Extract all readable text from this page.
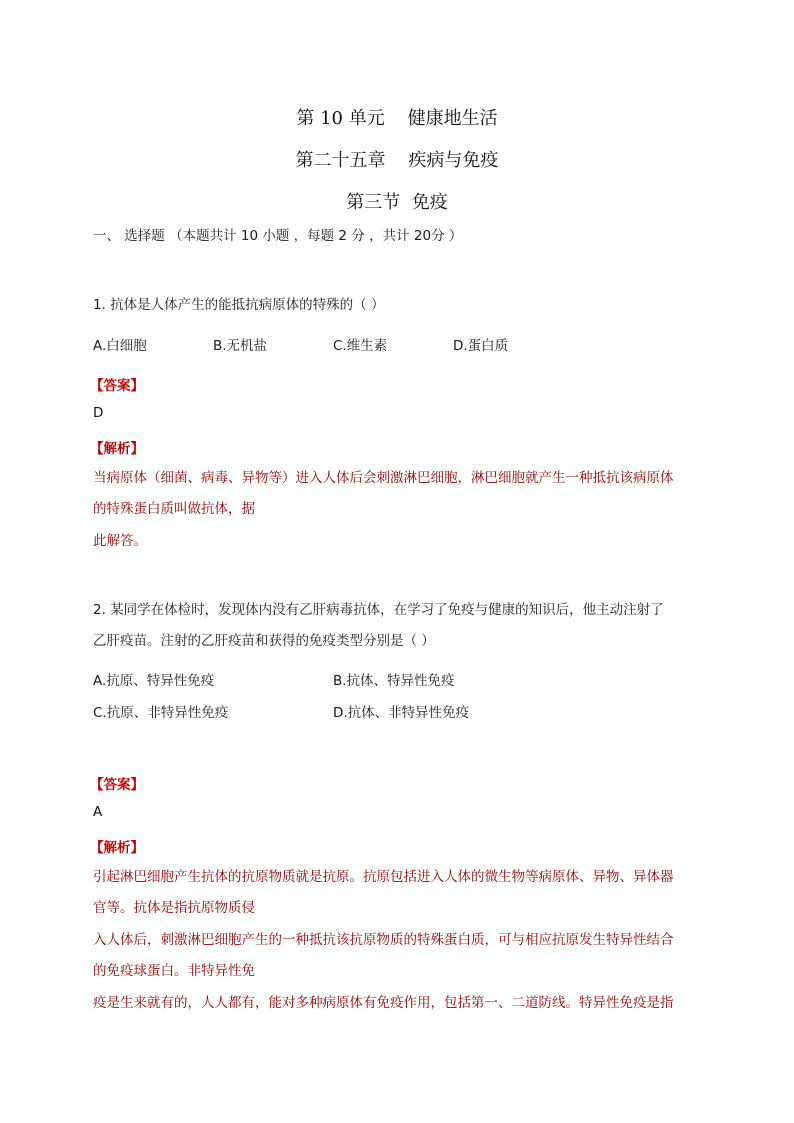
第 10 单元    健康地生活
第二十五章    疾病与免疫
第三节  免疫
一、 选择题 （本题共计 10 小题 ，每题 2 分 ，共计 20分 ）
1. 抗体是人体产生的能抵抗病原体的特殊的（ ）
A.白细胞	B.无机盐	C.维生素	D.蛋白质
【答案】
D
【解析】
当病原体（细菌、病毒、异物等）进入人体后会刺激淋巴细胞，淋巴细胞就产生一种抵抗该病原体
的特殊蛋白质叫做抗体，据
此解答。
2. 某同学在体检时，发现体内没有乙肝病毒抗体，在学习了免疫与健康的知识后，他主动注射了
乙肝疫苗。注射的乙肝疫苗和获得的免疫类型分别是（ ）
A.抗原、特异性免疫	B.抗体、特异性免疫
C.抗原、非特异性免疫	D.抗体、非特异性免疫
【答案】
A
【解析】
引起淋巴细胞产生抗体的抗原物质就是抗原。抗原包括进入人体的微生物等病原体、异物、异体器
官等。抗体是指抗原物质侵
入人体后，刺激淋巴细胞产生的一种抵抗该抗原物质的特殊蛋白质，可与相应抗原发生特异性结合
的免疫球蛋白。非特异性免
疫是生来就有的，人人都有，能对多种病原体有免疫作用，包括第一、二道防线。特异性免疫是指
